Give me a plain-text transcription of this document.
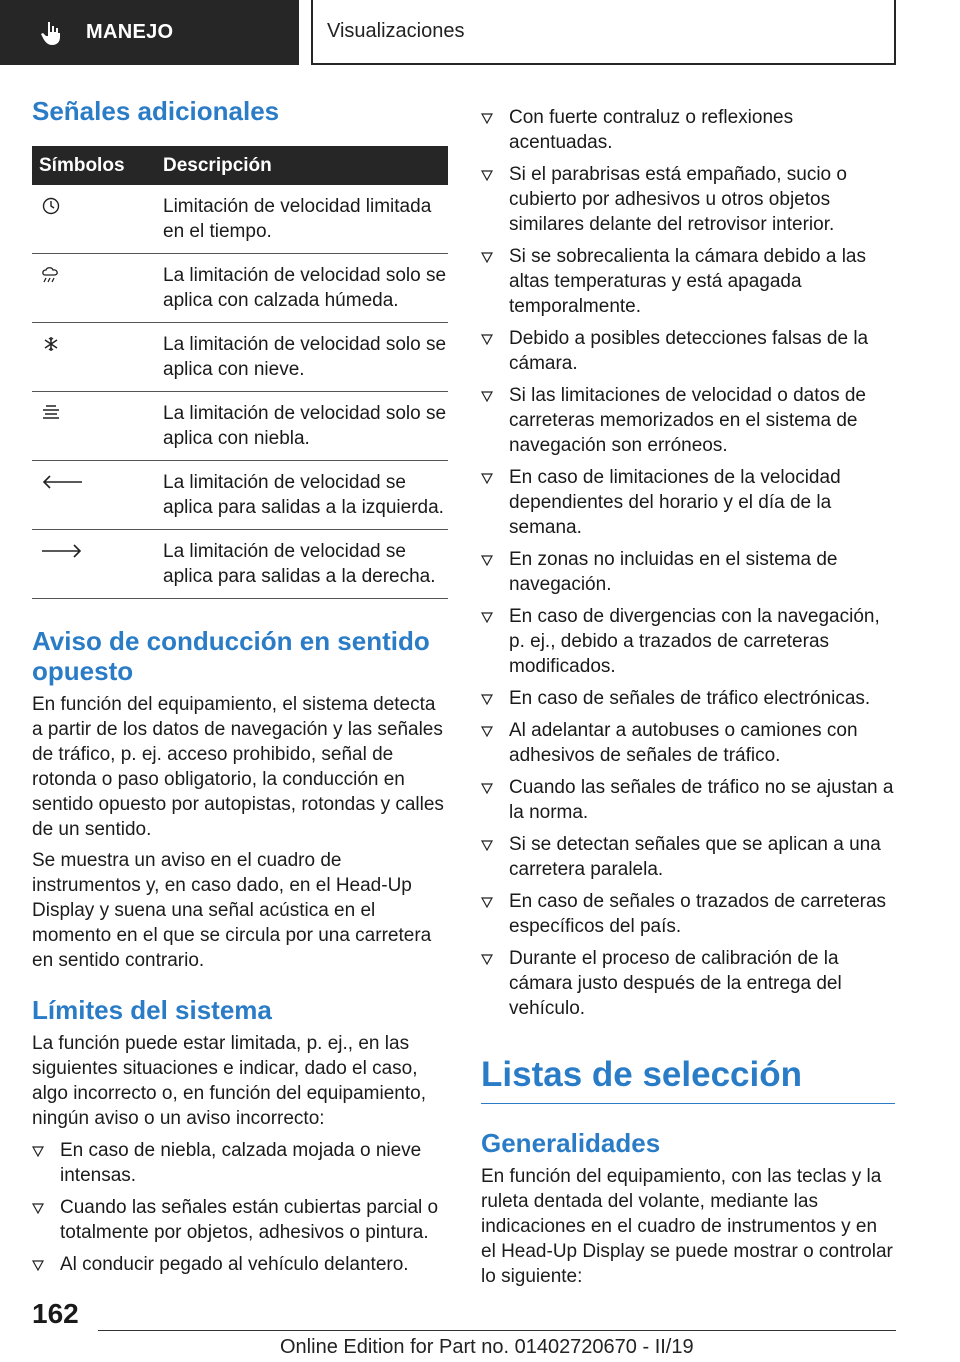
MANEJO	Visualizaciones
Señales adicionales
Símbolos	Descripción

	Limitación de velocidad limitada en el tiempo.

	La limitación de velocidad solo se aplica con calzada húmeda.

	La limitación de velocidad solo se aplica con nieve.

	La limitación de velocidad solo se aplica con niebla.

	La limitación de velocidad se aplica para salidas a la izquierda.

	La limitación de velocidad se aplica para salidas a la derecha.
Aviso de conducción en sentido opuesto

En función del equipamiento, el sistema detecta a partir de los datos de navegación y las señales de tráfico, p. ej. acceso prohibido, señal de rotonda o paso obligatorio, la conducción en sentido opuesto por autopistas, rotondas y calles de un sentido.

Se muestra un aviso en el cuadro de instrumentos y, en caso dado, en el Head-Up Display y suena una señal acústica en el momento en el que se circula por una carretera en sentido contrario.

Límites del sistema

La función puede estar limitada, p. ej., en las siguientes situaciones e indicar, dado el caso, algo incorrecto o, en función del equipamiento, ningún aviso o un aviso incorrecto:

En caso de niebla, calzada mojada o nieve intensas.
Cuando las señales están cubiertas parcial o totalmente por objetos, adhesivos o pintura.
Al conducir pegado al vehículo delantero.
Con fuerte contraluz o reflexiones acentuadas.
Si el parabrisas está empañado, sucio o cubierto por adhesivos u otros objetos similares delante del retrovisor interior.
Si se sobrecalienta la cámara debido a las altas temperaturas y está apagada temporalmente.
Debido a posibles detecciones falsas de la cámara.
Si las limitaciones de velocidad o datos de carreteras memorizados en el sistema de navegación son erróneos.
En caso de limitaciones de la velocidad dependientes del horario y el día de la semana.
En zonas no incluidas en el sistema de navegación.
En caso de divergencias con la navegación, p. ej., debido a trazados de carreteras modificados.
En caso de señales de tráfico electrónicas.
Al adelantar a autobuses o camiones con adhesivos de señales de tráfico.
Cuando las señales de tráfico no se ajustan a la norma.
Si se detectan señales que se aplican a una carretera paralela.
En caso de señales o trazados de carreteras específicos del país.
Durante el proceso de calibración de la cámara justo después de la entrega del vehículo.
Listas de selección
Generalidades

En función del equipamiento, con las teclas y la ruleta dentada del volante, mediante las indicaciones en el cuadro de instrumentos y en el Head-Up Display se puede mostrar o controlar lo siguiente:

162
Online Edition for Part no. 01402720670 - II/19
